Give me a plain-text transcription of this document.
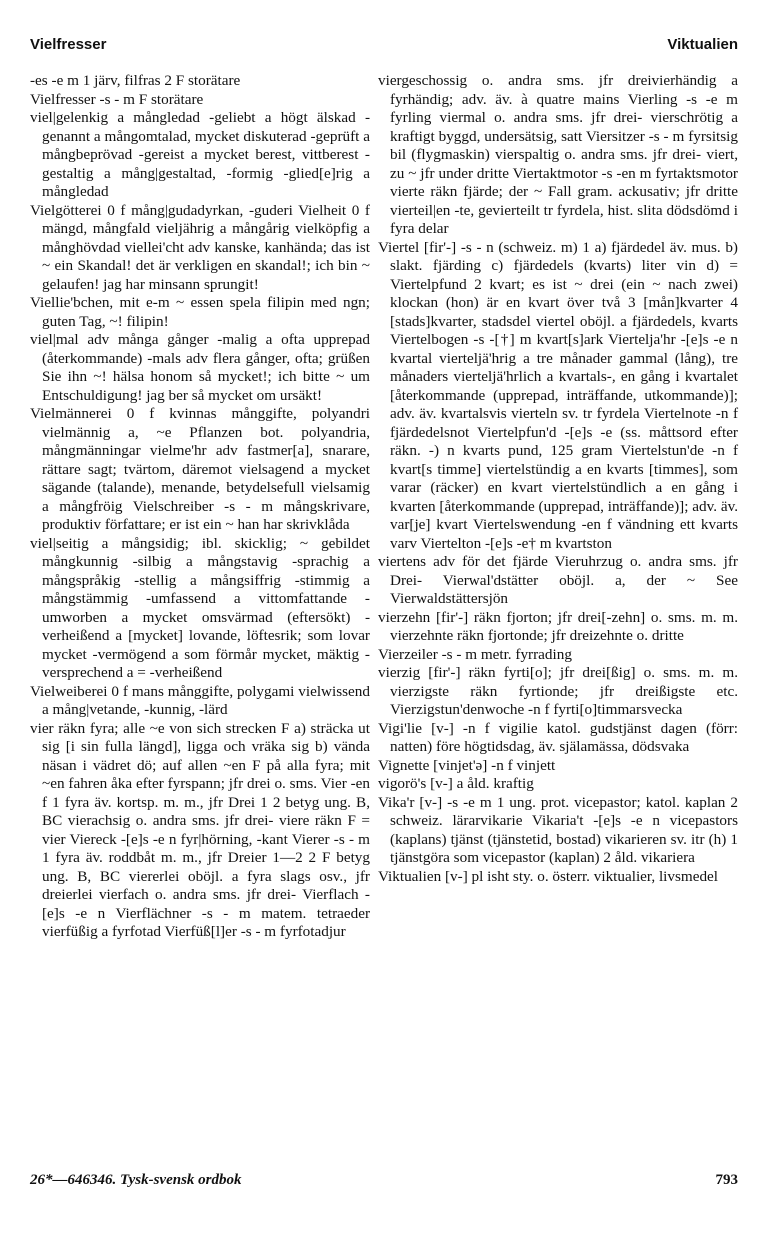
Vielfresser	Viktualien

-es -e m 1 järv, filfras 2 F storätare

Vielfresser -s - m F storätare

viel|gelenkig a mångledad -geliebt a högt älskad -genannt a mångomtalad, mycket diskuterad -geprüft a mångbeprövad -gereist a mycket berest, vittberest -gestaltig a mång|gestaltad, -formig -glied[e]rig a mångledad

Vielgötterei 0 f mång|gudadyrkan, -guderi Vielheit 0 f mängd, mångfald vieljährig a mångårig vielköpfig a månghövdad viellei'cht adv kanske, kanhända; das ist ~ ein Skandal! det är verkligen en skandal!; ich bin ~ gelaufen! jag har minsann sprungit!

Viellie'bchen, mit e-m ~ essen spela filipin med ngn; guten Tag, ~! filipin!

viel|mal adv många gånger -malig a ofta upprepad (återkommande) -mals adv flera gånger, ofta; grüßen Sie ihn ~! hälsa honom så mycket!; ich bitte ~ um Entschuldigung! jag ber så mycket om ursäkt!

Vielmännerei 0 f kvinnas månggifte, polyandri vielmännig a, ~e Pflanzen bot. polyandria, mångmänningar vielme'hr adv fastmer[a], snarare, rättare sagt; tvärtom, däremot vielsagend a mycket sägande (talande), menande, betydelsefull vielsamig a mångfröig Vielschreiber -s - m mångskrivare, produktiv författare; er ist ein ~ han har skrivklåda

viel|seitig a mångsidig; ibl. skicklig; ~ gebildet mångkunnig -silbig a mångstavig -sprachig a mångspråkig -stellig a mångsiffrig -stimmig a mångstämmig -umfassend a vittomfattande -umworben a mycket omsvärmad (eftersökt) -verheißend a [mycket] lovande, löftesrik; som lovar mycket -vermögend a som förmår mycket, mäktig -versprechend a = -verheißend

Vielweiberei 0 f mans månggifte, polygami vielwissend a mång|vetande, -kunnig, -lärd

vier räkn fyra; alle ~e von sich strecken F a) sträcka ut sig [i sin fulla längd], ligga och vräka sig b) vända näsan i vädret dö; auf allen ~en F på alla fyra; mit ~en fahren åka efter fyrspann; jfr drei o. sms. Vier -en f 1 fyra äv. kortsp. m. m., jfr Drei 1 2 betyg ung. B, BC vierachsig o. andra sms. jfr drei- viere räkn F = vier Viereck -[e]s -e n fyr|hörning, -kant Vierer -s - m 1 fyra äv. roddbåt m. m., jfr Dreier 1—2 2 F betyg ung. B, BC viererlei oböjl. a fyra slags osv., jfr dreierlei vierfach o. andra sms. jfr drei- Vierflach -[e]s -e n Vierflächner -s - m matem. tetraeder vierfüßig a fyrfotad Vierfüß[l]er -s - m fyrfotadjur

viergeschossig o. andra sms. jfr dreivierhändig a fyrhändig; adv. äv. à quatre mains Vierling -s -e m fyrling viermal o. andra sms. jfr drei- vierschrötig a kraftigt byggd, undersätsig, satt Viersitzer -s - m fyrsitsig bil (flygmaskin) vierspaltig o. andra sms. jfr drei- viert, zu ~ jfr under dritte Viertaktmotor -s -en m fyrtaktsmotor vierte räkn fjärde; der ~ Fall gram. ackusativ; jfr dritte vierteil|en -te, gevierteilt tr fyrdela, hist. slita dödsdömd i fyra delar

Viertel [fir'-] -s - n (schweiz. m) 1 a) fjärdedel äv. mus. b) slakt. fjärding c) fjärdedels (kvarts) liter vin d) = Viertelpfund 2 kvart; es ist ~ drei (ein ~ nach zwei) klockan (hon) är en kvart över två 3 [mån]kvarter 4 [stads]kvarter, stadsdel viertel oböjl. a fjärdedels, kvarts Viertelbogen -s -[†] m kvart[s]ark Viertelja'hr -[e]s -e n kvartal vierteljä'hrig a tre månader gammal (lång), tre månaders vierteljä'hrlich a kvartals-, en gång i kvartalet [återkommande (upprepad, inträffande, utkommande)]; adv. äv. kvartalsvis vierteln sv. tr fyrdela Viertelnote -n f fjärdedelsnot Viertelpfun'd -[e]s -e (ss. måttsord efter räkn. -) n kvarts pund, 125 gram Viertelstun'de -n f kvart[s timme] viertelstündig a en kvarts [timmes], som varar (räcker) en kvart viertelstündlich a en gång i kvarten [återkommande (upprepad, inträffande)]; adv. äv. var[je] kvart Viertelswendung -en f vändning ett kvarts varv Viertelton -[e]s -e† m kvartston

viertens adv för det fjärde Vieruhrzug o. andra sms. jfr Drei- Vierwal'dstätter oböjl. a, der ~ See Vierwaldstättersjön

vierzehn [fir'-] räkn fjorton; jfr drei[-zehn] o. sms. m. m. vierzehnte räkn fjortonde; jfr dreizehnte o. dritte

Vierzeiler -s - m metr. fyrrading

vierzig [fir'-] räkn fyrti[o]; jfr drei[ßig] o. sms. m. m. vierzigste räkn fyrtionde; jfr dreißigste etc. Vierzigstun'denwoche -n f fyrti[o]timmarsvecka

Vigi'lie [v-] -n f vigilie katol. gudstjänst dagen (förr: natten) före högtidsdag, äv. själamässa, dödsvaka

Vignette [vinjet'ə] -n f vinjett

vigorö's [v-] a åld. kraftig

Vika'r [v-] -s -e m 1 ung. prot. vicepastor; katol. kaplan 2 schweiz. lärarvikarie Vikaria't -[e]s -e n vicepastors (kaplans) tjänst (tjänstetid, bostad) vikarieren sv. itr (h) 1 tjänstgöra som vicepastor (kaplan) 2 åld. vikariera

Viktualien [v-] pl isht sty. o. österr. viktualier, livsmedel

26*—646346. Tysk-svensk ordbok	793
